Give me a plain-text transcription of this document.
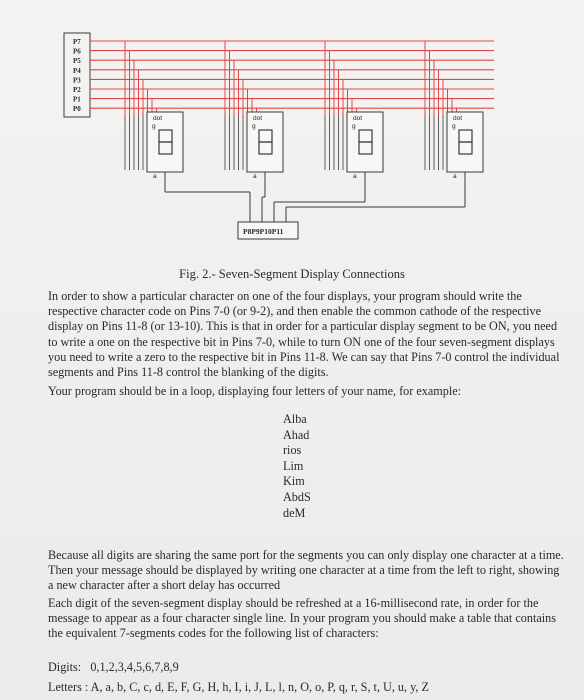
P7
P6
P5
P4
P3
P2
P1
P0
dot
g
a
dot
g
a
dot
g
a
dot
g
a
P8P9P10P11
Fig. 2.- Seven-Segment Display Connections

In order to show a particular character on one of the four displays, your program should write the respective character code on Pins 7-0 (or 9-2), and then enable the common cathode of the respective display on Pins 11-8 (or 13-10). This is that in order for a particular display segment to be ON, you need to write a one on the respective bit in Pins 7-0, while to turn ON one of the four seven-segment displays you need to write a zero to the respective bit in Pins 11-8. We can say that Pins 7-0 control the individual segments and Pins 11-8 control the blanking of the digits.

Your program should be in a loop, displaying four letters of your name, for example:

Alba
Ahad
rios
Lim
Kim
AbdS
deM

Because all digits are sharing the same port for the segments you can only display one character at a time. Then your message should be displayed by writing one character at a time from the left to right, showing a new character after a short delay has occurred

Each digit of the seven-segment display should be refreshed at a 16-millisecond rate, in order for the message to appear as a four character single line. In your program you should make a table that contains the equivalent 7-segments codes for the following list of characters:

Digits:   0,1,2,3,4,5,6,7,8,9
Letters : A, a, b, C, c, d, E, F, G, H, h, I, i, J, L, l, n, O, o, P, q, r, S, t, U, u, y, Z
